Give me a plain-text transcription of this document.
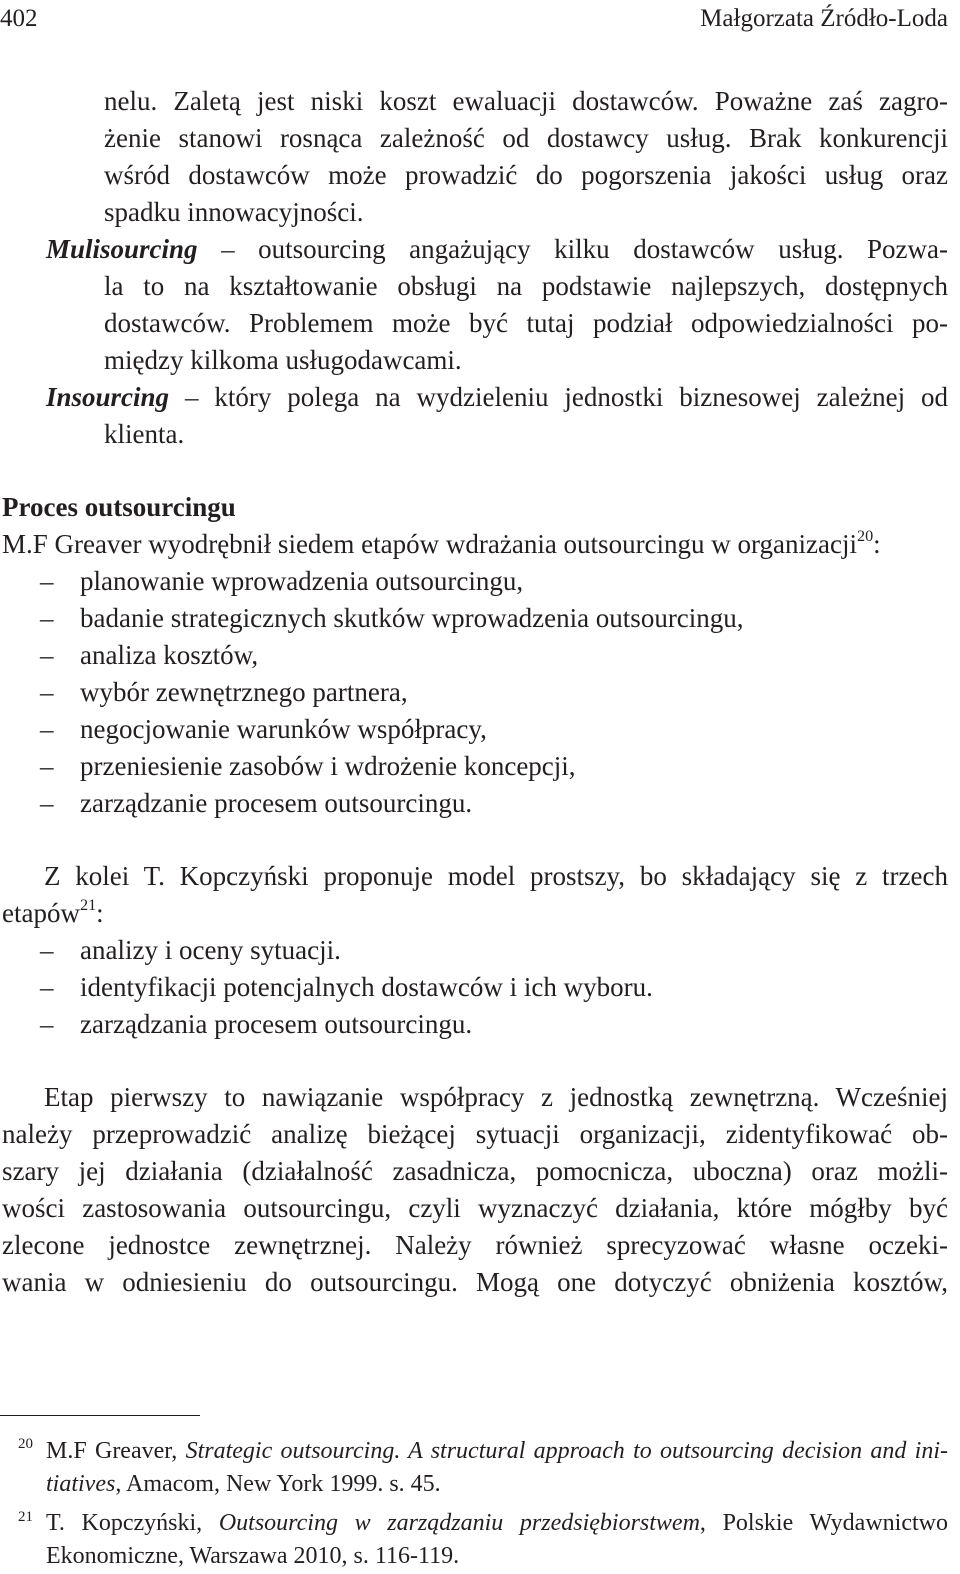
402	Małgorzata Źródło-Loda
nelu. Zaletą jest niski koszt ewaluacji dostawców. Poważne zaś zagro-
żenie stanowi rosnąca zależność od dostawcy usług. Brak konkurencji
wśród dostawców może prowadzić do pogorszenia jakości usług oraz
spadku innowacyjności.
Mulisourcing – outsourcing angażujący kilku dostawców usług. Pozwa-
la to na kształtowanie obsługi na podstawie najlepszych, dostępnych
dostawców. Problemem może być tutaj podział odpowiedzialności po-
między kilkoma usługodawcami.
Insourcing – który polega na wydzieleniu jednostki biznesowej zależnej od
klienta.
Proces outsourcingu
M.F Greaver wyodrębnił siedem etapów wdrażania outsourcingu w organizacji$^{20}$:
– planowanie wprowadzenia outsourcingu,
– badanie strategicznych skutków wprowadzenia outsourcingu,
– analiza kosztów,
– wybór zewnętrznego partnera,
– negocjowanie warunków współpracy,
– przeniesienie zasobów i wdrożenie koncepcji,
– zarządzanie procesem outsourcingu.
Z kolei T. Kopczyński proponuje model prostszy, bo składający się z trzech
etapów$^{21}$:
– analizy i oceny sytuacji.
– identyfikacji potencjalnych dostawców i ich wyboru.
– zarządzania procesem outsourcingu.
Etap pierwszy to nawiązanie współpracy z jednostką zewnętrzną. Wcześniej
należy przeprowadzić analizę bieżącej sytuacji organizacji, zidentyfikować ob-
szary jej działania (działalność zasadnicza, pomocnicza, uboczna) oraz możli-
wości zastosowania outsourcingu, czyli wyznaczyć działania, które mógłby być
zlecone jednostce zewnętrznej. Należy również sprecyzować własne oczeki-
wania w odniesieniu do outsourcingu. Mogą one dotyczyć obniżenia kosztów,
20 M.F Greaver, Strategic outsourcing. A structural approach to outsourcing decision and ini-
tiatives, Amacom, New York 1999. s. 45.
21 T. Kopczyński, Outsourcing w zarządzaniu przedsiębiorstwem, Polskie Wydawnictwo
Ekonomiczne, Warszawa 2010, s. 116-119.
